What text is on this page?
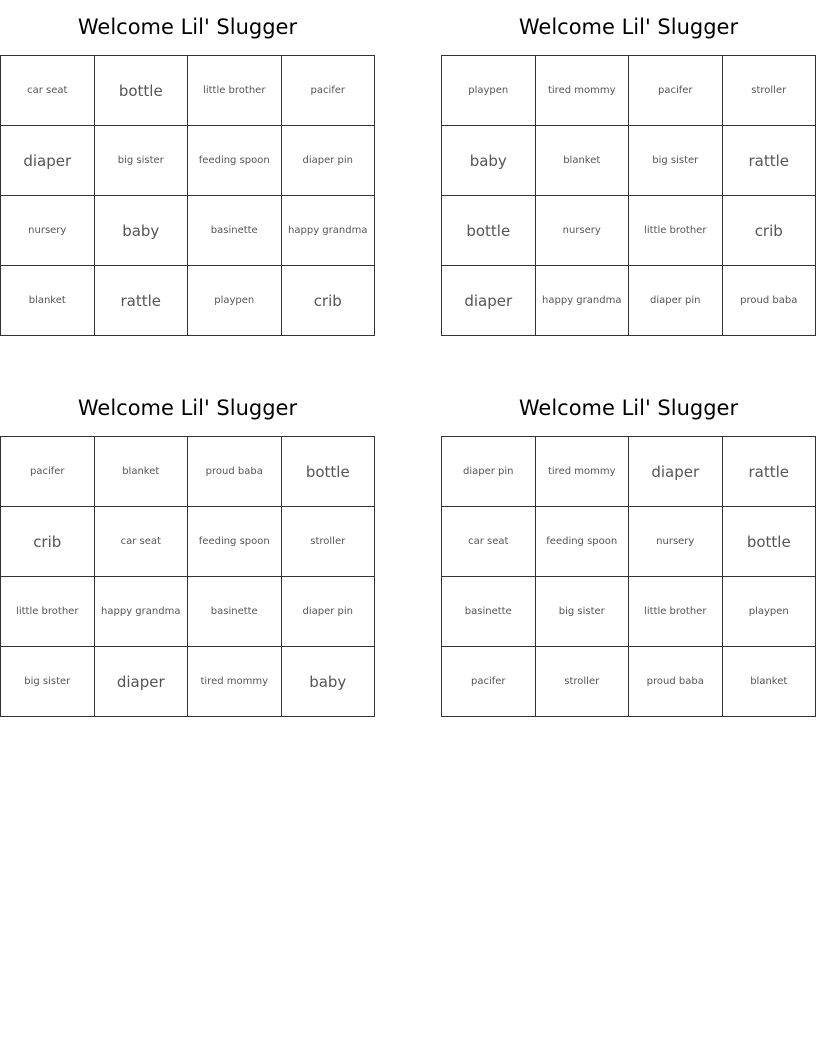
Welcome Lil' Slugger
car seat	bottle	little brother	pacifer
diaper	big sister	feeding spoon	diaper pin
nursery	baby	basinette	happy grandma
blanket	rattle	playpen	crib
Welcome Lil' Slugger
playpen	tired mommy	pacifer	stroller
baby	blanket	big sister	rattle
bottle	nursery	little brother	crib
diaper	happy grandma	diaper pin	proud baba
Welcome Lil' Slugger
pacifer	blanket	proud baba	bottle
crib	car seat	feeding spoon	stroller
little brother	happy grandma	basinette	diaper pin
big sister	diaper	tired mommy	baby
Welcome Lil' Slugger
diaper pin	tired mommy	diaper	rattle
car seat	feeding spoon	nursery	bottle
basinette	big sister	little brother	playpen
pacifer	stroller	proud baba	blanket
